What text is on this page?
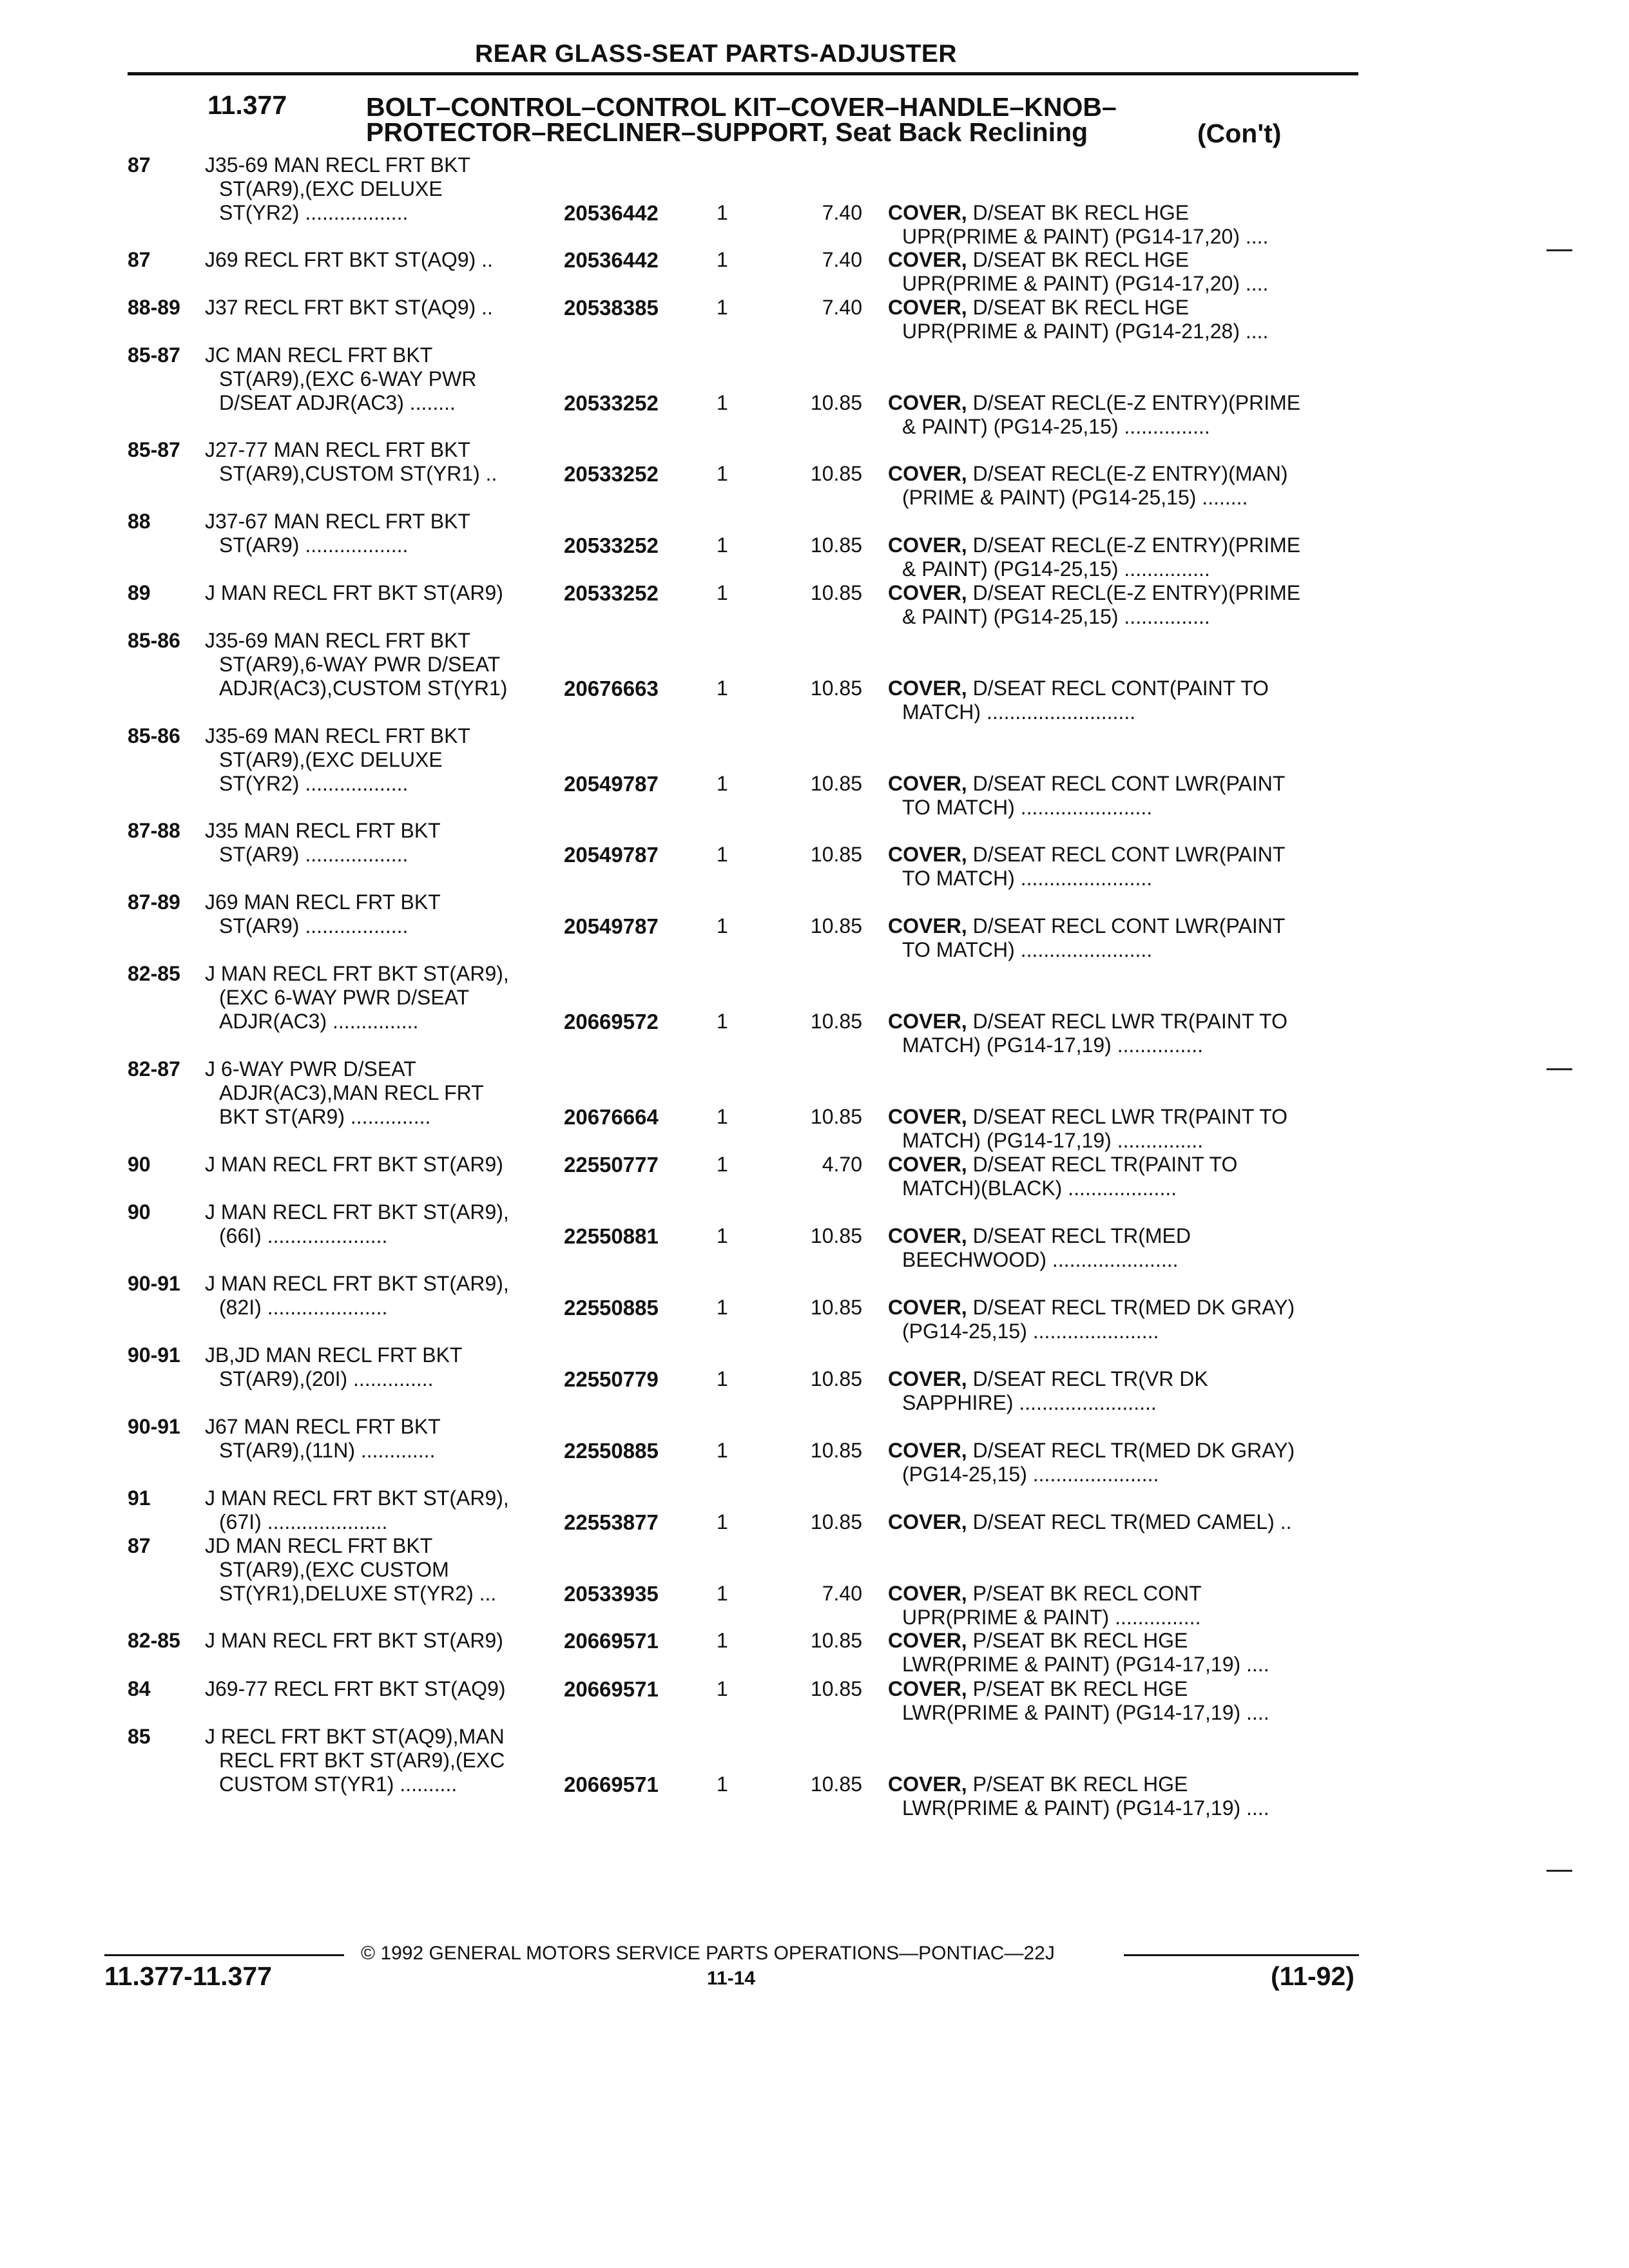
REAR GLASS-SEAT PARTS-ADJUSTER
11.377	BOLT–CONTROL–CONTROL KIT–COVER–HANDLE–KNOB–
PROTECTOR–RECLINER–SUPPORT, Seat Back Reclining	(Con't)
87	J35-69 MAN RECL FRT BKT
ST(AR9),(EXC DELUXE
ST(YR2) ..................	20536442	1	7.40 COVER, D/SEAT BK RECL HGE
UPR(PRIME & PAINT) (PG14-17,20) ....
87	J69 RECL FRT BKT ST(AQ9) ..	20536442	1	7.40 COVER, D/SEAT BK RECL HGE
UPR(PRIME & PAINT) (PG14-17,20) ....
88-89 J37 RECL FRT BKT ST(AQ9) ..	20538385	1	7.40 COVER, D/SEAT BK RECL HGE
UPR(PRIME & PAINT) (PG14-21,28) ....
85-87 JC MAN RECL FRT BKT
ST(AR9),(EXC 6-WAY PWR
D/SEAT ADJR(AC3) ........	20533252	1	10.85 COVER, D/SEAT RECL(E-Z ENTRY)(PRIME
& PAINT) (PG14-25,15) ...............
85-87 J27-77 MAN RECL FRT BKT
ST(AR9),CUSTOM ST(YR1) ..	20533252	1	10.85 COVER, D/SEAT RECL(E-Z ENTRY)(MAN)
(PRIME & PAINT) (PG14-25,15) ........
88	J37-67 MAN RECL FRT BKT
ST(AR9) ..................	20533252	1	10.85 COVER, D/SEAT RECL(E-Z ENTRY)(PRIME
& PAINT) (PG14-25,15) ...............
89	J MAN RECL FRT BKT ST(AR9)	20533252	1	10.85 COVER, D/SEAT RECL(E-Z ENTRY)(PRIME
& PAINT) (PG14-25,15) ...............
85-86 J35-69 MAN RECL FRT BKT
ST(AR9),6-WAY PWR D/SEAT
ADJR(AC3),CUSTOM ST(YR1)	20676663	1	10.85 COVER, D/SEAT RECL CONT(PAINT TO
MATCH) ..........................
85-86 J35-69 MAN RECL FRT BKT
ST(AR9),(EXC DELUXE
ST(YR2) ..................	20549787	1	10.85 COVER, D/SEAT RECL CONT LWR(PAINT
TO MATCH) .......................
87-88 J35 MAN RECL FRT BKT
ST(AR9) ..................	20549787	1	10.85 COVER, D/SEAT RECL CONT LWR(PAINT
TO MATCH) .......................
87-89 J69 MAN RECL FRT BKT
ST(AR9) ..................	20549787	1	10.85 COVER, D/SEAT RECL CONT LWR(PAINT
TO MATCH) .......................
82-85 J MAN RECL FRT BKT ST(AR9),
(EXC 6-WAY PWR D/SEAT
ADJR(AC3) ...............	20669572	1	10.85 COVER, D/SEAT RECL LWR TR(PAINT TO
MATCH) (PG14-17,19) ...............
82-87 J 6-WAY PWR D/SEAT
ADJR(AC3),MAN RECL FRT
BKT ST(AR9) ..............	20676664	1	10.85 COVER, D/SEAT RECL LWR TR(PAINT TO
MATCH) (PG14-17,19) ...............
90	J MAN RECL FRT BKT ST(AR9)	22550777	1	4.70 COVER, D/SEAT RECL TR(PAINT TO
MATCH)(BLACK) ...................
90	J MAN RECL FRT BKT ST(AR9),
(66I) .....................	22550881	1	10.85 COVER, D/SEAT RECL TR(MED
BEECHWOOD) ......................
90-91 J MAN RECL FRT BKT ST(AR9),
(82I) .....................	22550885	1	10.85 COVER, D/SEAT RECL TR(MED DK GRAY)
(PG14-25,15) ......................
90-91 JB,JD MAN RECL FRT BKT
ST(AR9),(20I) ..............	22550779	1	10.85 COVER, D/SEAT RECL TR(VR DK
SAPPHIRE) ........................
90-91 J67 MAN RECL FRT BKT
ST(AR9),(11N) .............	22550885	1	10.85 COVER, D/SEAT RECL TR(MED DK GRAY)
(PG14-25,15) ......................
91	J MAN RECL FRT BKT ST(AR9),
(67I) .....................	22553877	1	10.85 COVER, D/SEAT RECL TR(MED CAMEL) ..
87	JD MAN RECL FRT BKT
ST(AR9),(EXC CUSTOM
ST(YR1),DELUXE ST(YR2) ...	20533935	1	7.40 COVER, P/SEAT BK RECL CONT
UPR(PRIME & PAINT) ...............
82-85 J MAN RECL FRT BKT ST(AR9)	20669571	1	10.85 COVER, P/SEAT BK RECL HGE
LWR(PRIME & PAINT) (PG14-17,19) ....
84	J69-77 RECL FRT BKT ST(AQ9)	20669571	1	10.85 COVER, P/SEAT BK RECL HGE
LWR(PRIME & PAINT) (PG14-17,19) ....
85	J RECL FRT BKT ST(AQ9),MAN
RECL FRT BKT ST(AR9),(EXC
CUSTOM ST(YR1) ..........	20669571	1	10.85 COVER, P/SEAT BK RECL HGE
LWR(PRIME & PAINT) (PG14-17,19) ....
© 1992 GENERAL MOTORS SERVICE PARTS OPERATIONS—PONTIAC—22J
11.377-11.377	11-14	(11-92)
